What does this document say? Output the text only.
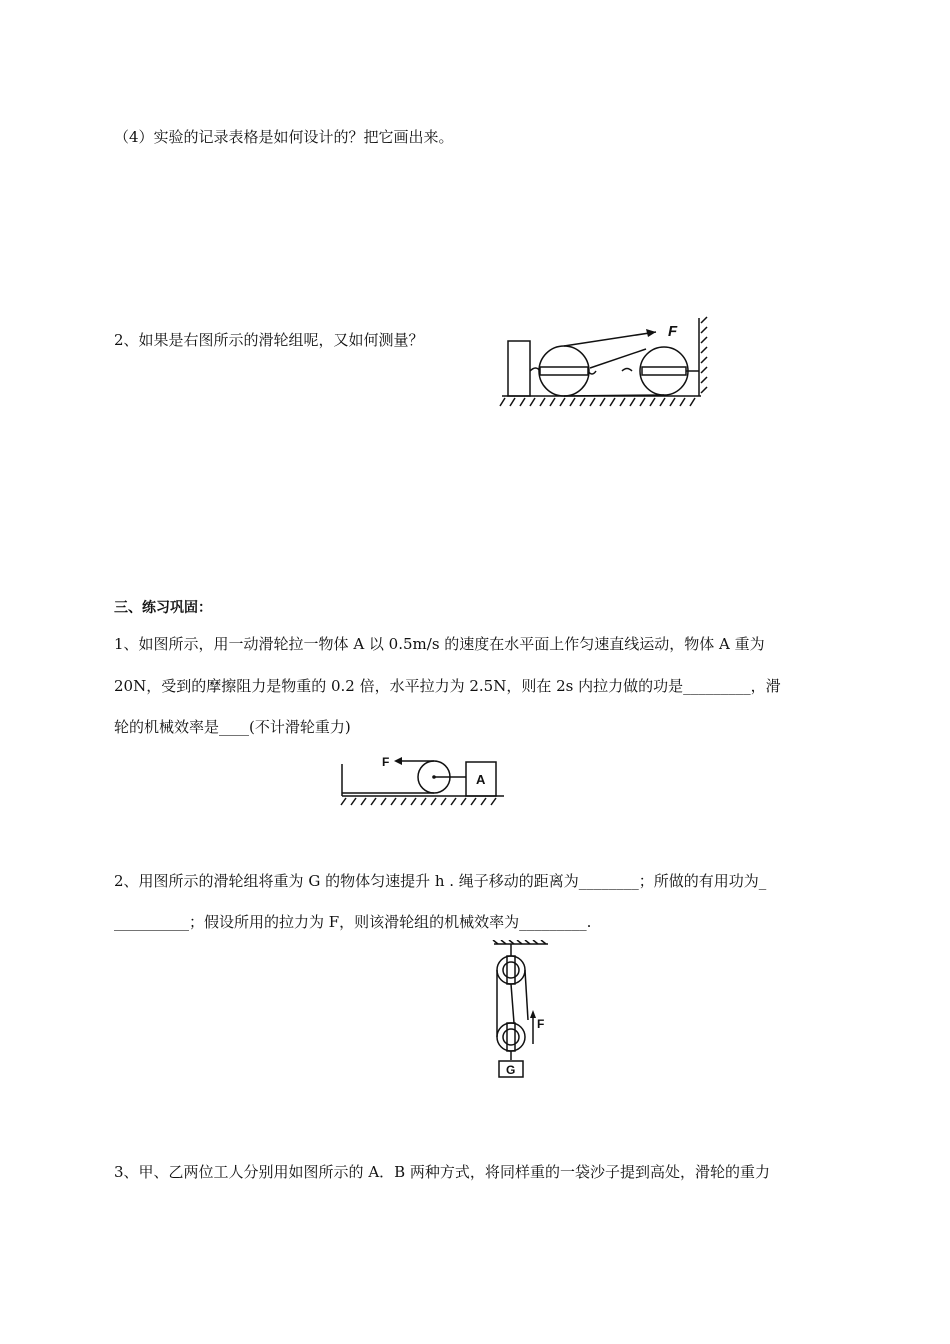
（4）实验的记录表格是如何设计的？把它画出来。
2、如果是右图所示的滑轮组呢，又如何测量？	F
三、练习巩固：
1、如图所示，用一动滑轮拉一物体 A 以 0.5m/s 的速度在水平面上作匀速直线运动，物体 A 重为
20N，受到的摩擦阻力是物重的 0.2 倍，水平拉力为 2.5N，则在 2s 内拉力做的功是_________，滑
轮的机械效率是____(不计滑轮重力)
F
A
2、用图所示的滑轮组将重为 G 的物体匀速提升 h . 绳子移动的距离为________；所做的有用功为_
__________；假设所用的拉力为 F，则该滑轮组的机械效率为_________.
F
G
3、甲、乙两位工人分别用如图所示的 A．B 两种方式，将同样重的一袋沙子提到高处，滑轮的重力
